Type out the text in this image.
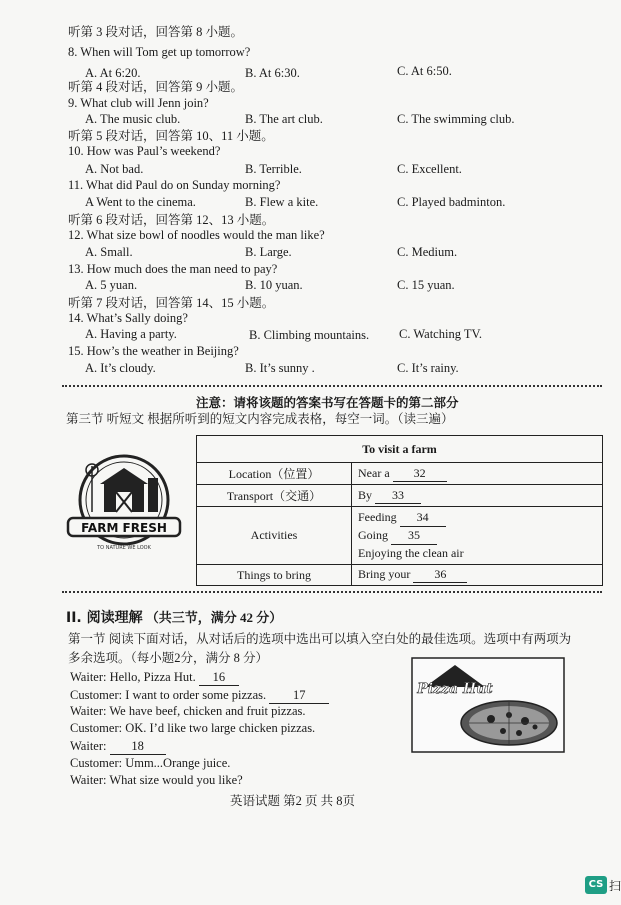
听第 3 段对话，回答第 8 小题。
8. When will Tom get up tomorrow?
A. At 6:20.	B. At 6:30.	C. At 6:50.
听第 4 段对话，回答第 9 小题。
9. What club will Jenn join?
A. The music club.	B. The art club.	C. The swimming club.
听第 5 段对话，回答第 10、11 小题。
10. How was Paul’s weekend?
A. Not bad.	B. Terrible.	C. Excellent.
11. What did Paul do on Sunday morning?
A Went to the cinema.	B. Flew a kite.	C. Played badminton.
听第 6 段对话，回答第 12、13 小题。
12. What size bowl of noodles would the man like?
A. Small.	B. Large.	C. Medium.
13. How much does the man need to pay?
A. 5 yuan.	B. 10 yuan.	C. 15 yuan.
听第 7 段对话，回答第 14、15 小题。
14. What’s Sally doing?
A. Having a party.	B. Climbing mountains. C. Watching TV.
15. How’s the weather in Beijing?
A. It’s cloudy.	B. It’s sunny .	C. It’s rainy.
注意：请将该题的答案书写在答题卡的第二部分
第三节 听短文 根据所听到的短文内容完成表格，每空一词。（读三遍）
FARM FRESH
TO NATURE WE LOOK
To visit a farm	
Location（位置）	Near a 32
Transport（交通）	By 33
Activities	Feeding 34
Going 35
Enjoying the clean air

Things to bring	Bring your 36
II. 阅读理解 （共三节，满分 42 分）
第一节 阅读下面对话，从对话后的选项中选出可以填入空白处的最佳选项。选项中有两项为
多余选项。（每小题2分，满分 8 分）
Waiter: Hello, Pizza Hut. 16
Customer: I want to order some pizzas. 17
Waiter: We have beef, chicken and fruit pizzas.
Customer: OK. I’d like two large chicken pizzas.
Waiter: 18
Customer: Umm...Orange juice.
Waiter: What size would you like?
Pizza Hut
英语试题 第2 页 共 8页
CS 扫
